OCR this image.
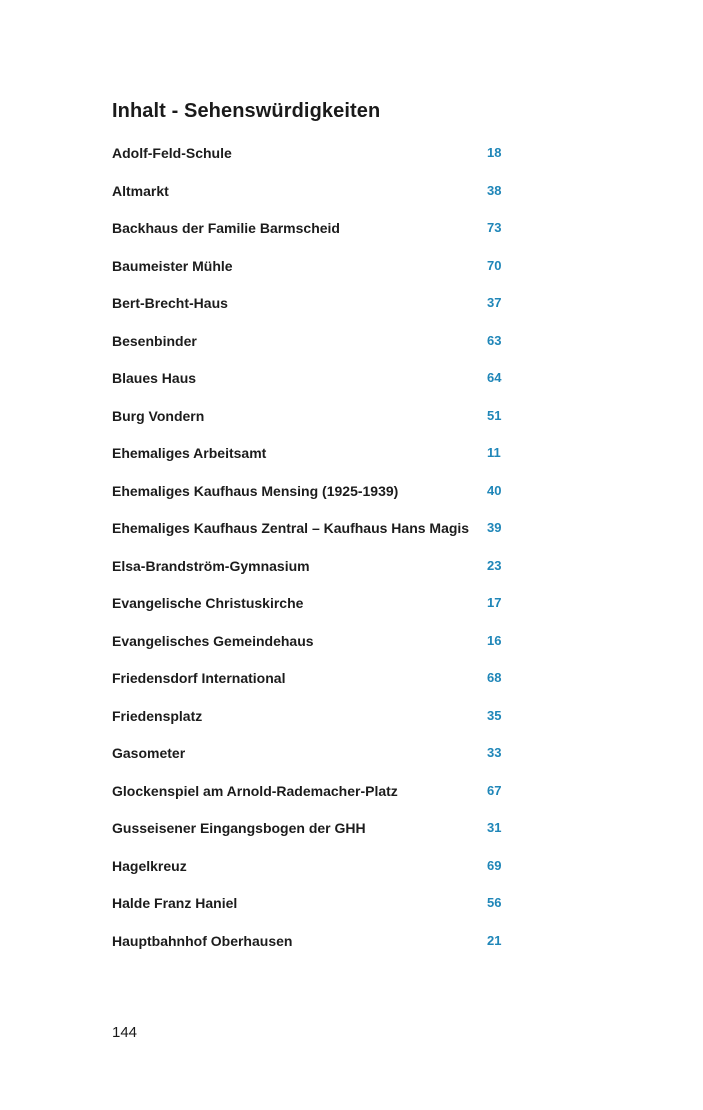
Inhalt - Sehenswürdigkeiten
Adolf-Feld-Schule	18
Altmarkt	38
Backhaus der Familie Barmscheid	73
Baumeister Mühle	70
Bert-Brecht-Haus	37
Besenbinder	63
Blaues Haus	64
Burg Vondern	51
Ehemaliges Arbeitsamt	11
Ehemaliges Kaufhaus Mensing (1925-1939)	40
Ehemaliges Kaufhaus Zentral – Kaufhaus Hans Magis 39
Elsa-Brandström-Gymnasium	23
Evangelische Christuskirche	17
Evangelisches Gemeindehaus	16
Friedensdorf International	68
Friedensplatz	35
Gasometer	33
Glockenspiel am Arnold-Rademacher-Platz	67
Gusseisener Eingangsbogen der GHH	31
Hagelkreuz	69
Halde Franz Haniel	56
Hauptbahnhof Oberhausen	21
144
